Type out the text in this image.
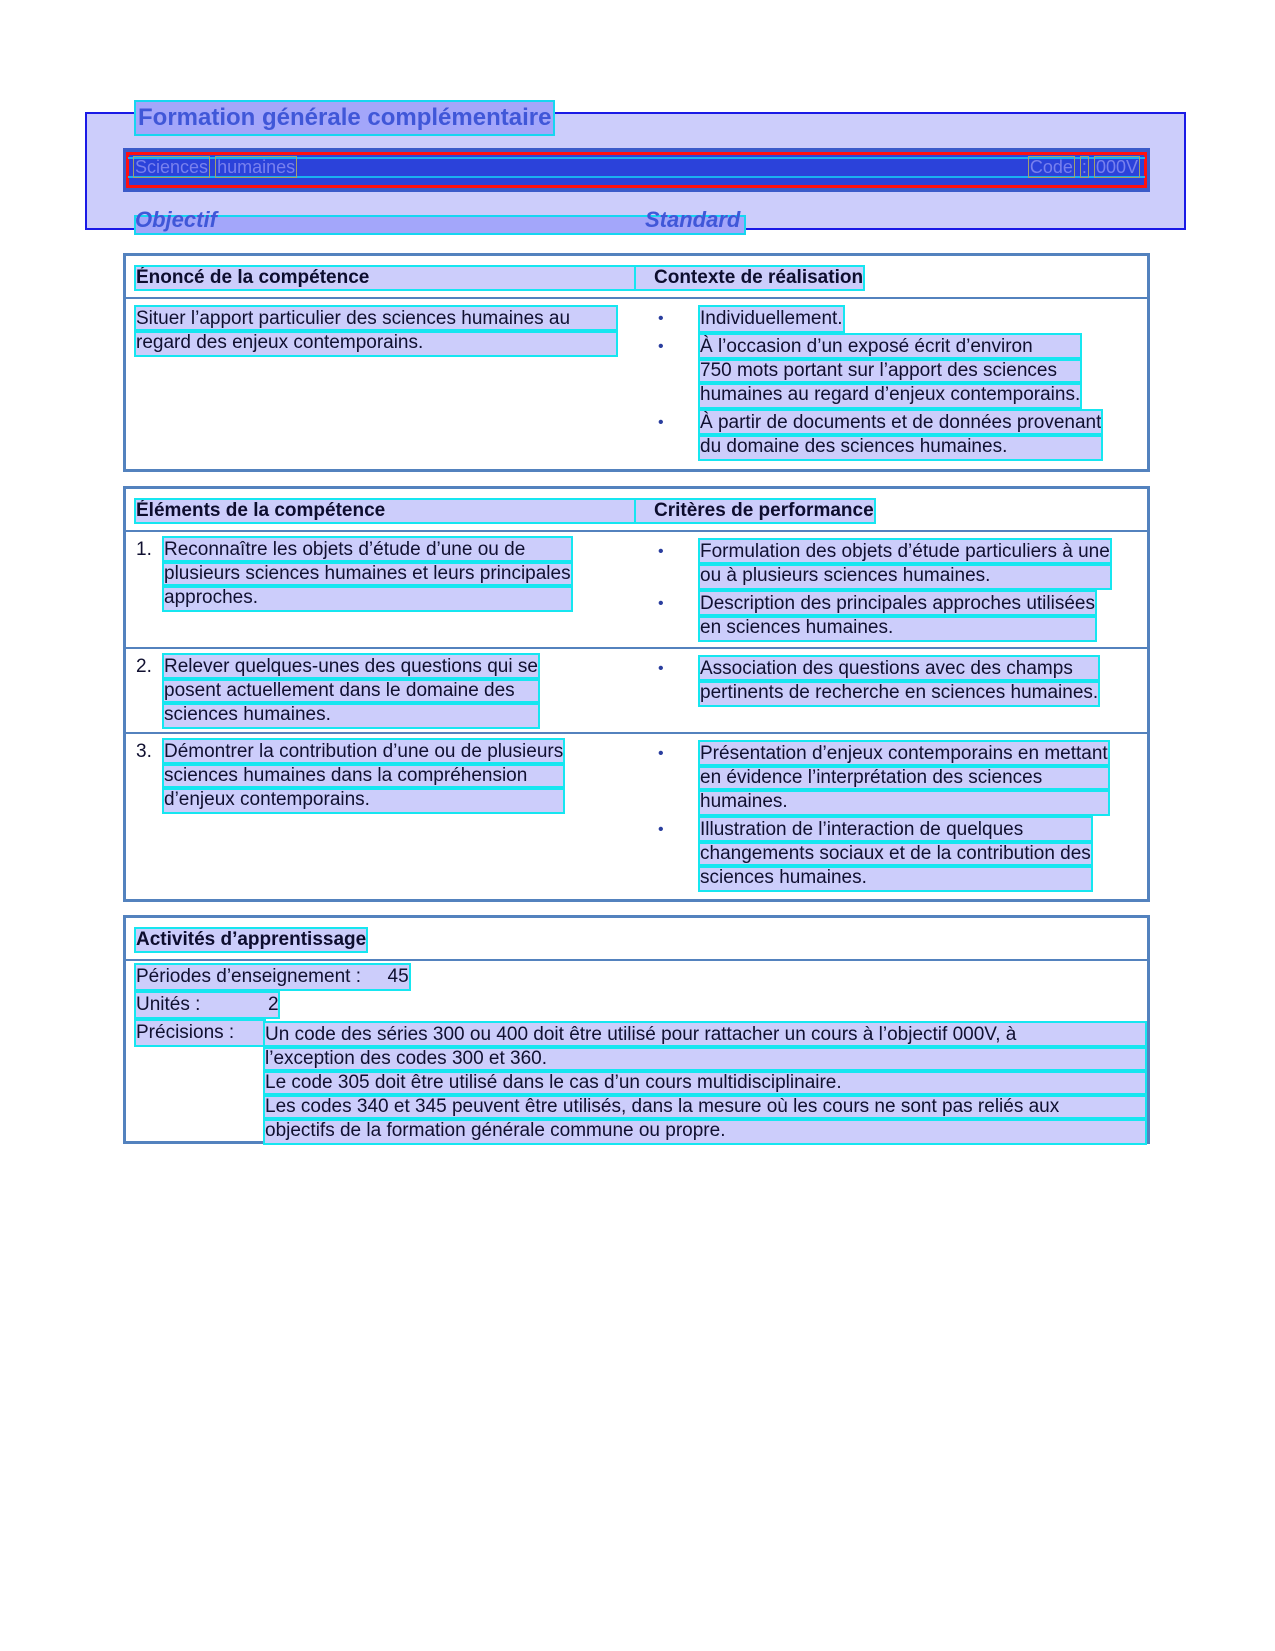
Formation générale complémentaire
Sciences humaines	Code : 000V
Objectif	Standard
Énoncé de la compétence	Contexte de réalisation
Situer l’apport particulier des sciences humaines au
regard des enjeux contemporains.
•	Individuellement.
•	À l’occasion d’un exposé écrit d’environ
750 mots portant sur l’apport des sciences
humaines au regard d’enjeux contemporains.
•	À partir de documents et de données provenant
du domaine des sciences humaines.
Éléments de la compétence	Critères de performance
1. Reconnaître les objets d’étude d’une ou de
plusieurs sciences humaines et leurs principales
approches.
•	Formulation des objets d’étude particuliers à une
ou à plusieurs sciences humaines.
•	Description des principales approches utilisées
en sciences humaines.
2. Relever quelques-unes des questions qui se
posent actuellement dans le domaine des
sciences humaines.
•	Association des questions avec des champs
pertinents de recherche en sciences humaines.
3. Démontrer la contribution d’une ou de plusieurs
sciences humaines dans la compréhension
d’enjeux contemporains.
•	Présentation d’enjeux contemporains en mettant
en évidence l’interprétation des sciences
humaines.
•	Illustration de l’interaction de quelques
changements sociaux et de la contribution des
sciences humaines.
Activités d’apprentissage
Périodes d’enseignement : 45
Unités :	2
Précisions :	Un code des séries 300 ou 400 doit être utilisé pour rattacher un cours à l’objectif 000V, à
l’exception des codes 300 et 360.
Le code 305 doit être utilisé dans le cas d’un cours multidisciplinaire.
Les codes 340 et 345 peuvent être utilisés, dans la mesure où les cours ne sont pas reliés aux
objectifs de la formation générale commune ou propre.
